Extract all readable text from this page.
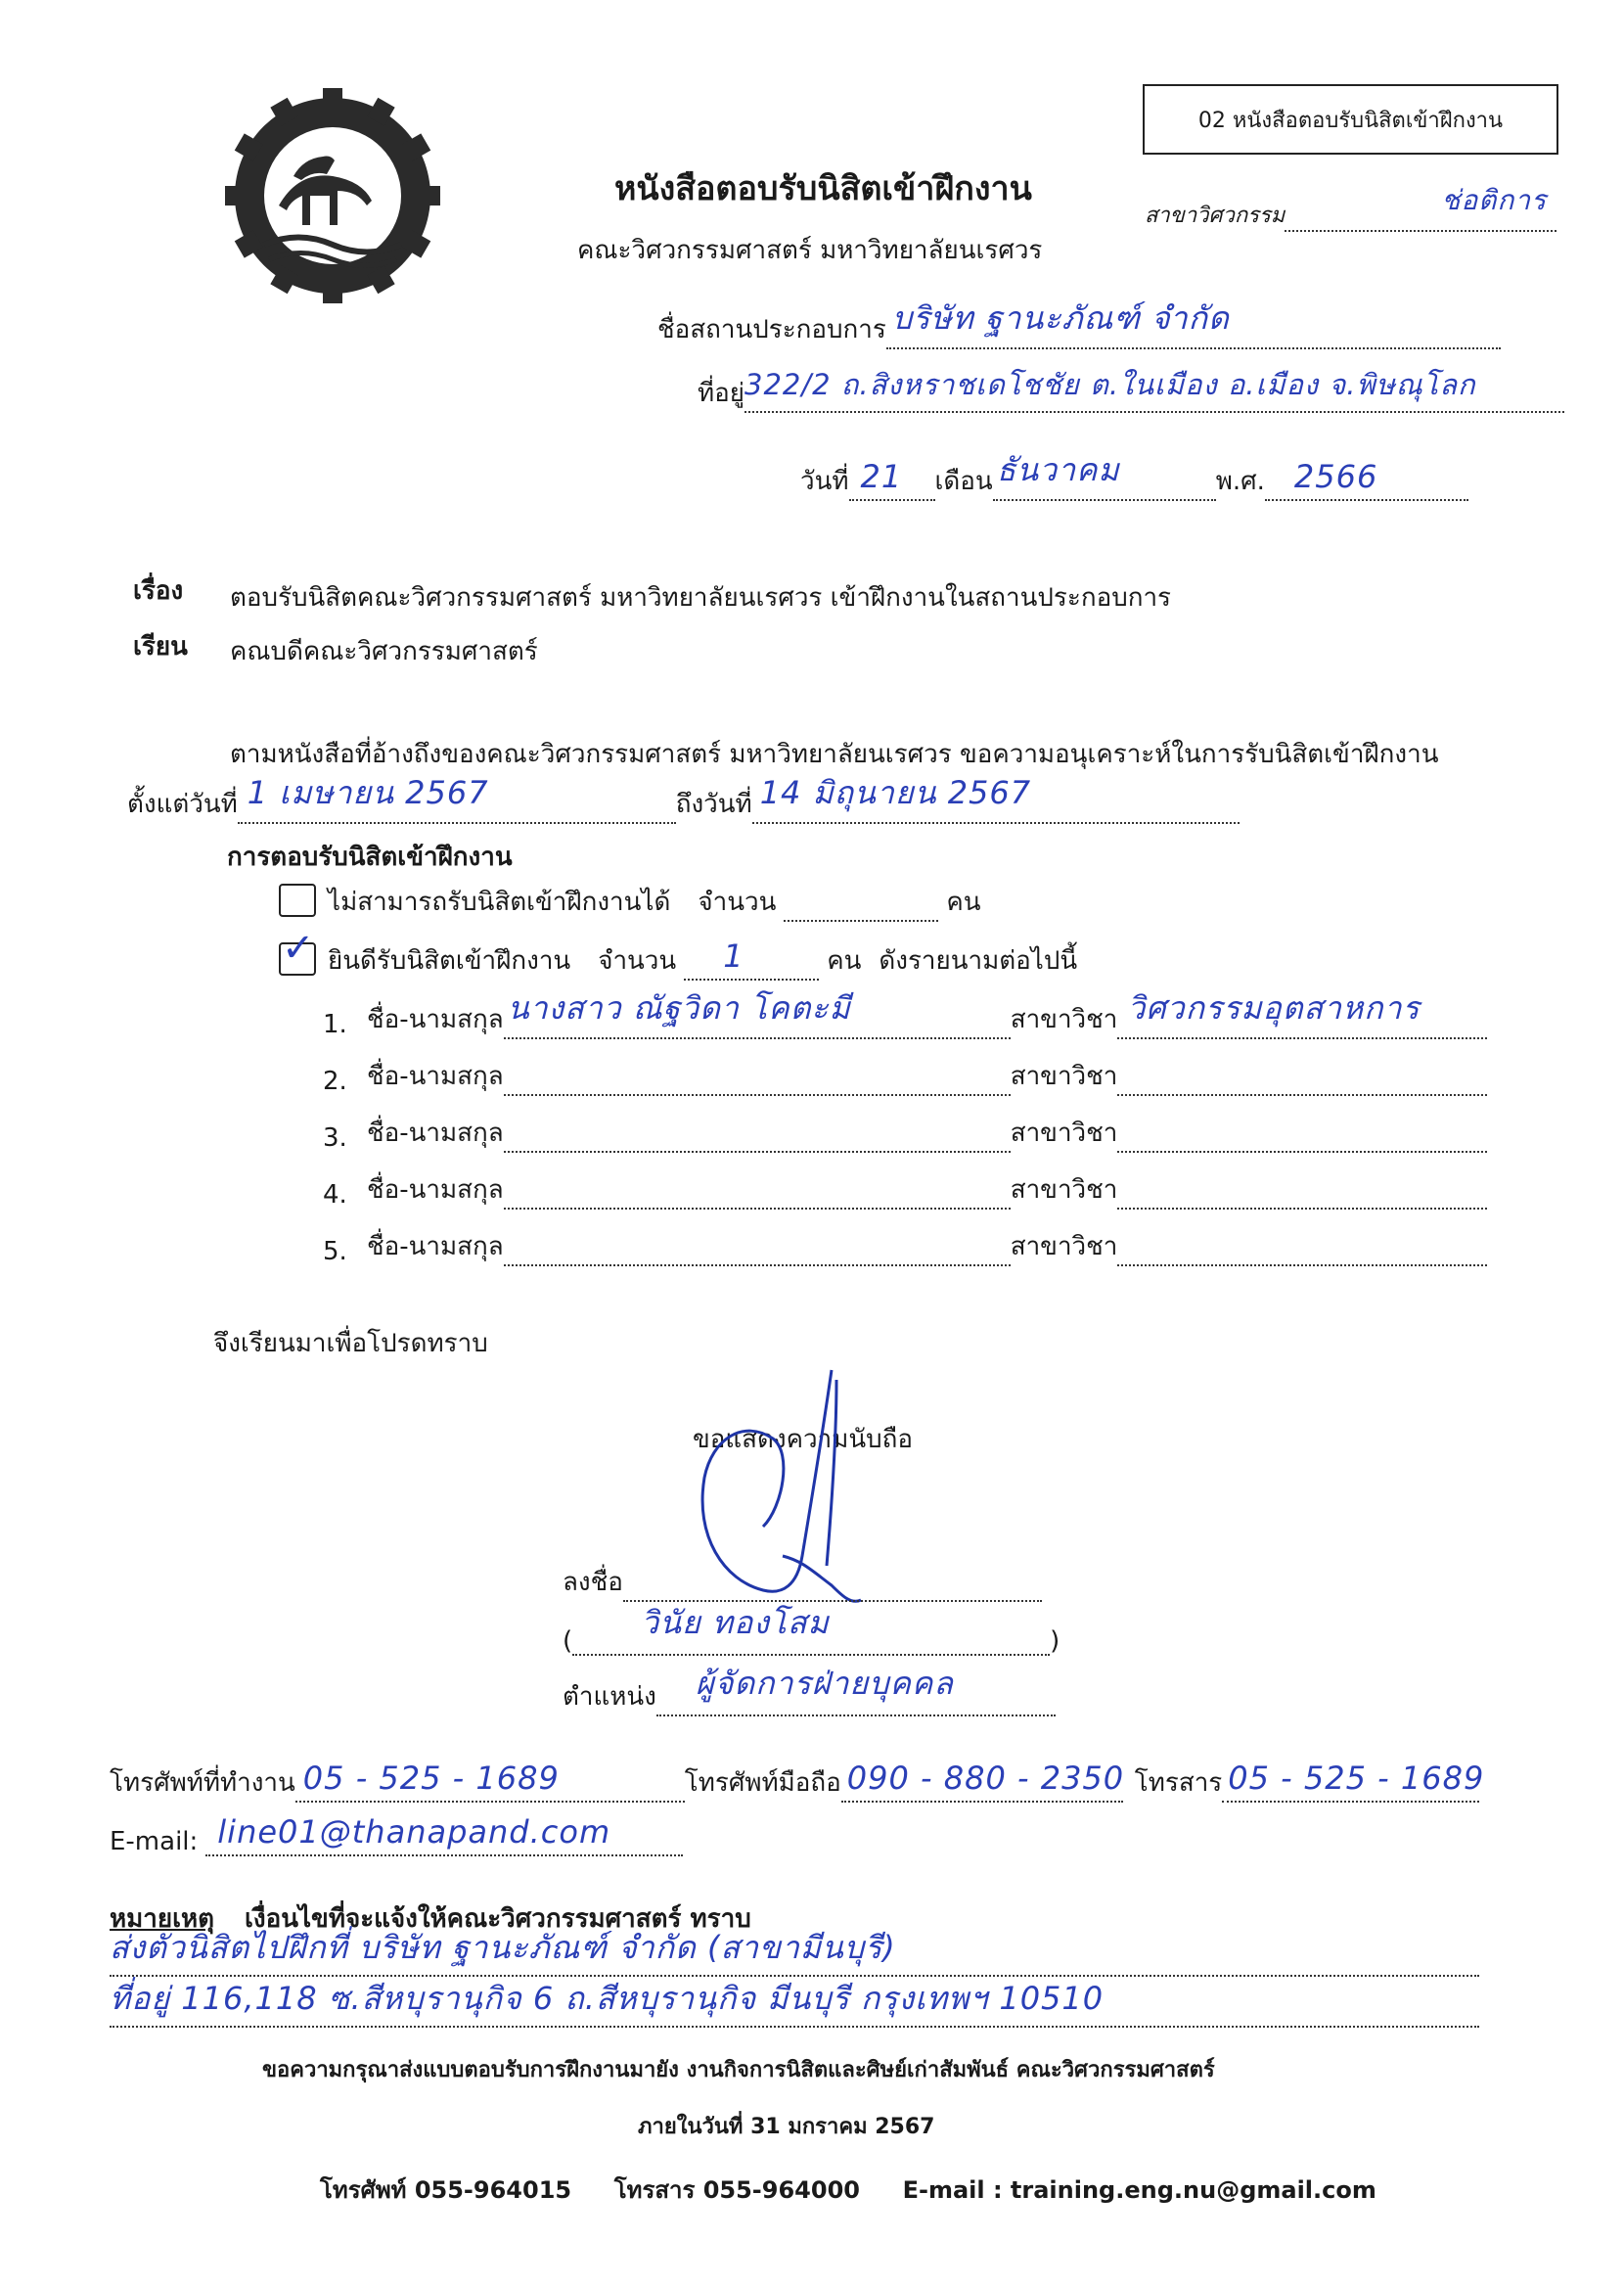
02 หนังสือตอบรับนิสิตเข้าฝึกงาน
หนังสือตอบรับนิสิตเข้าฝึกงาน
คณะวิศวกรรมศาสตร์ มหาวิทยาลัยนเรศวร
สาขาวิศวกรรม	ช่อติการ
ชื่อสถานประกอบการ บริษัท ฐานะภัณฑ์ จำกัด
ที่อยู่ 322/2 ถ.สิงหราชเดโชชัย ต.ในเมือง อ.เมือง จ.พิษณุโลก
วันที่ 21 เดือน ธันวาคม	พ.ศ. 2566
เรื่อง ตอบรับนิสิตคณะวิศวกรรมศาสตร์ มหาวิทยาลัยนเรศวร เข้าฝึกงานในสถานประกอบการ
เรียน คณบดีคณะวิศวกรรมศาสตร์
ตามหนังสือที่อ้างถึงของคณะวิศวกรรมศาสตร์ มหาวิทยาลัยนเรศวร ขอความอนุเคราะห์ในการรับนิสิตเข้าฝึกงาน
ตั้งแต่วันที่ 1 เมษายน 2567	ถึงวันที่ 14 มิถุนายน 2567
การตอบรับนิสิตเข้าฝึกงาน
ไม่สามารถรับนิสิตเข้าฝึกงานได้ จำนวน	คน
✓ ยินดีรับนิสิตเข้าฝึกงาน จำนวน 1	คน ดังรายนามต่อไปนี้
1. ชื่อ-นามสกุล นางสาว ณัฐวิดา โคตะมี	สาขาวิชา วิศวกรรมอุตสาหการ
2. ชื่อ-นามสกุล	สาขาวิชา
3. ชื่อ-นามสกุล	สาขาวิชา
4. ชื่อ-นามสกุล	สาขาวิชา
5. ชื่อ-นามสกุล	สาขาวิชา
จึงเรียนมาเพื่อโปรดทราบ
ขอแสดงความนับถือ
ลงชื่อ
( วินัย ทองโสม	)
ตำแหน่ง ผู้จัดการฝ่ายบุคคล
โทรศัพท์ที่ทำงาน 05 - 525 - 1689	โทรศัพท์มือถือ 090 - 880 - 2350 โทรสาร 05 - 525 - 1689
E-mail: line01@thanapand.com
หมายเหตุ เงื่อนไขที่จะแจ้งให้คณะวิศวกรรมศาสตร์ ทราบ
ส่งตัวนิสิตไปฝึกที่ บริษัท ฐานะภัณฑ์ จำกัด (สาขามีนบุรี)
ที่อยู่ 116,118 ซ.สีหบุรานุกิจ 6 ถ.สีหบุรานุกิจ มีนบุรี กรุงเทพฯ 10510
ขอความกรุณาส่งแบบตอบรับการฝึกงานมายัง งานกิจการนิสิตและศิษย์เก่าสัมพันธ์ คณะวิศวกรรมศาสตร์
ภายในวันที่ 31 มกราคม 2567
โทรศัพท์ 055-964015 โทรสาร 055-964000 E-mail : training.eng.nu@gmail.com
